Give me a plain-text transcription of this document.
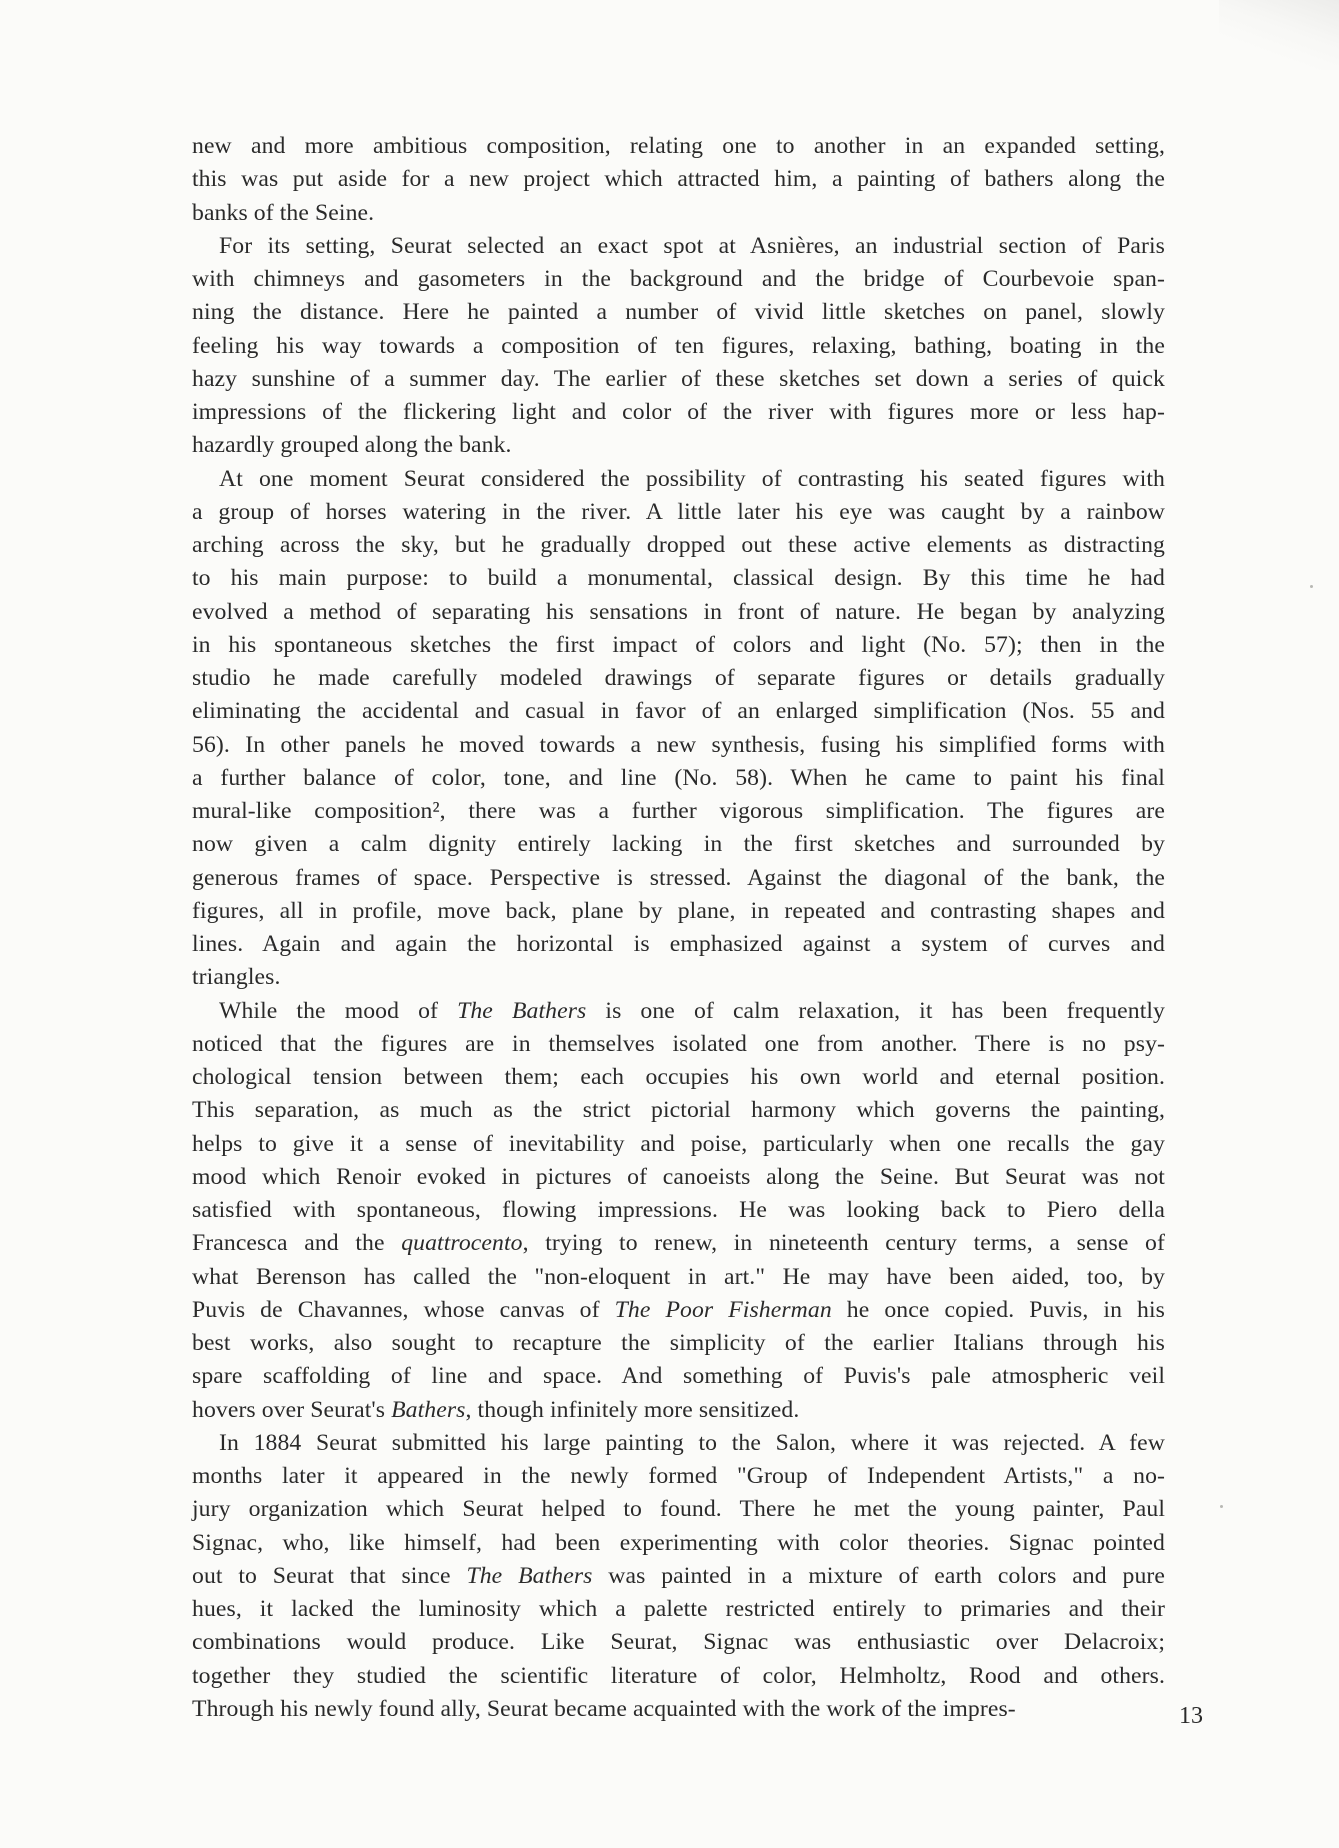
new and more ambitious composition, relating one to another in an expanded setting,
this was put aside for a new project which attracted him, a painting of bathers along the
banks of the Seine.
For its setting, Seurat selected an exact spot at Asnières, an industrial section of Paris
with chimneys and gasometers in the background and the bridge of Courbevoie span-
ning the distance. Here he painted a number of vivid little sketches on panel, slowly
feeling his way towards a composition of ten figures, relaxing, bathing, boating in the
hazy sunshine of a summer day. The earlier of these sketches set down a series of quick
impressions of the flickering light and color of the river with figures more or less hap-
hazardly grouped along the bank.
At one moment Seurat considered the possibility of contrasting his seated figures with
a group of horses watering in the river. A little later his eye was caught by a rainbow
arching across the sky, but he gradually dropped out these active elements as distracting
to his main purpose: to build a monumental, classical design. By this time he had
evolved a method of separating his sensations in front of nature. He began by analyzing
in his spontaneous sketches the first impact of colors and light (No. 57); then in the
studio he made carefully modeled drawings of separate figures or details gradually
eliminating the accidental and casual in favor of an enlarged simplification (Nos. 55 and
56). In other panels he moved towards a new synthesis, fusing his simplified forms with
a further balance of color, tone, and line (No. 58). When he came to paint his final
mural-like composition², there was a further vigorous simplification. The figures are
now given a calm dignity entirely lacking in the first sketches and surrounded by
generous frames of space. Perspective is stressed. Against the diagonal of the bank, the
figures, all in profile, move back, plane by plane, in repeated and contrasting shapes and
lines. Again and again the horizontal is emphasized against a system of curves and
triangles.
While the mood of The Bathers is one of calm relaxation, it has been frequently
noticed that the figures are in themselves isolated one from another. There is no psy-
chological tension between them; each occupies his own world and eternal position.
This separation, as much as the strict pictorial harmony which governs the painting,
helps to give it a sense of inevitability and poise, particularly when one recalls the gay
mood which Renoir evoked in pictures of canoeists along the Seine. But Seurat was not
satisfied with spontaneous, flowing impressions. He was looking back to Piero della
Francesca and the quattrocento, trying to renew, in nineteenth century terms, a sense of
what Berenson has called the "non-eloquent in art." He may have been aided, too, by
Puvis de Chavannes, whose canvas of The Poor Fisherman he once copied. Puvis, in his
best works, also sought to recapture the simplicity of the earlier Italians through his
spare scaffolding of line and space. And something of Puvis's pale atmospheric veil
hovers over Seurat's Bathers, though infinitely more sensitized.
In 1884 Seurat submitted his large painting to the Salon, where it was rejected. A few
months later it appeared in the newly formed "Group of Independent Artists," a no-
jury organization which Seurat helped to found. There he met the young painter, Paul
Signac, who, like himself, had been experimenting with color theories. Signac pointed
out to Seurat that since The Bathers was painted in a mixture of earth colors and pure
hues, it lacked the luminosity which a palette restricted entirely to primaries and their
combinations would produce. Like Seurat, Signac was enthusiastic over Delacroix;
together they studied the scientific literature of color, Helmholtz, Rood and others.
Through his newly found ally, Seurat became acquainted with the work of the impres-	13
